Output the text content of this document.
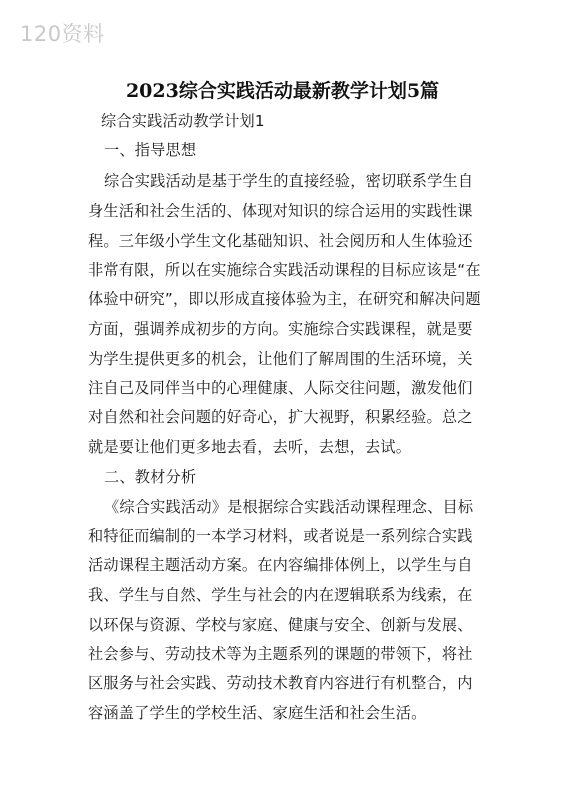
120资料
2023综合实践活动最新教学计划5篇
综合实践活动教学计划1
一、指导思想
综合实践活动是基于学生的直接经验，密切联系学生自
身生活和社会生活的、体现对知识的综合运用的实践性课
程。三年级小学生文化基础知识、社会阅历和人生体验还
非常有限，所以在实施综合实践活动课程的目标应该是“在
体验中研究”，即以形成直接体验为主，在研究和解决问题
方面，强调养成初步的方向。实施综合实践课程，就是要
为学生提供更多的机会，让他们了解周围的生活环境，关
注自己及同伴当中的心理健康、人际交往问题，激发他们
对自然和社会问题的好奇心，扩大视野，积累经验。总之
就是要让他们更多地去看，去听，去想，去试。
二、教材分析
《综合实践活动》是根据综合实践活动课程理念、目标
和特征而编制的一本学习材料，或者说是一系列综合实践
活动课程主题活动方案。在内容编排体例上，以学生与自
我、学生与自然、学生与社会的内在逻辑联系为线索，在
以环保与资源、学校与家庭、健康与安全、创新与发展、
社会参与、劳动技术等为主题系列的课题的带领下，将社
区服务与社会实践、劳动技术教育内容进行有机整合，内
容涵盖了学生的学校生活、家庭生活和社会生活。
